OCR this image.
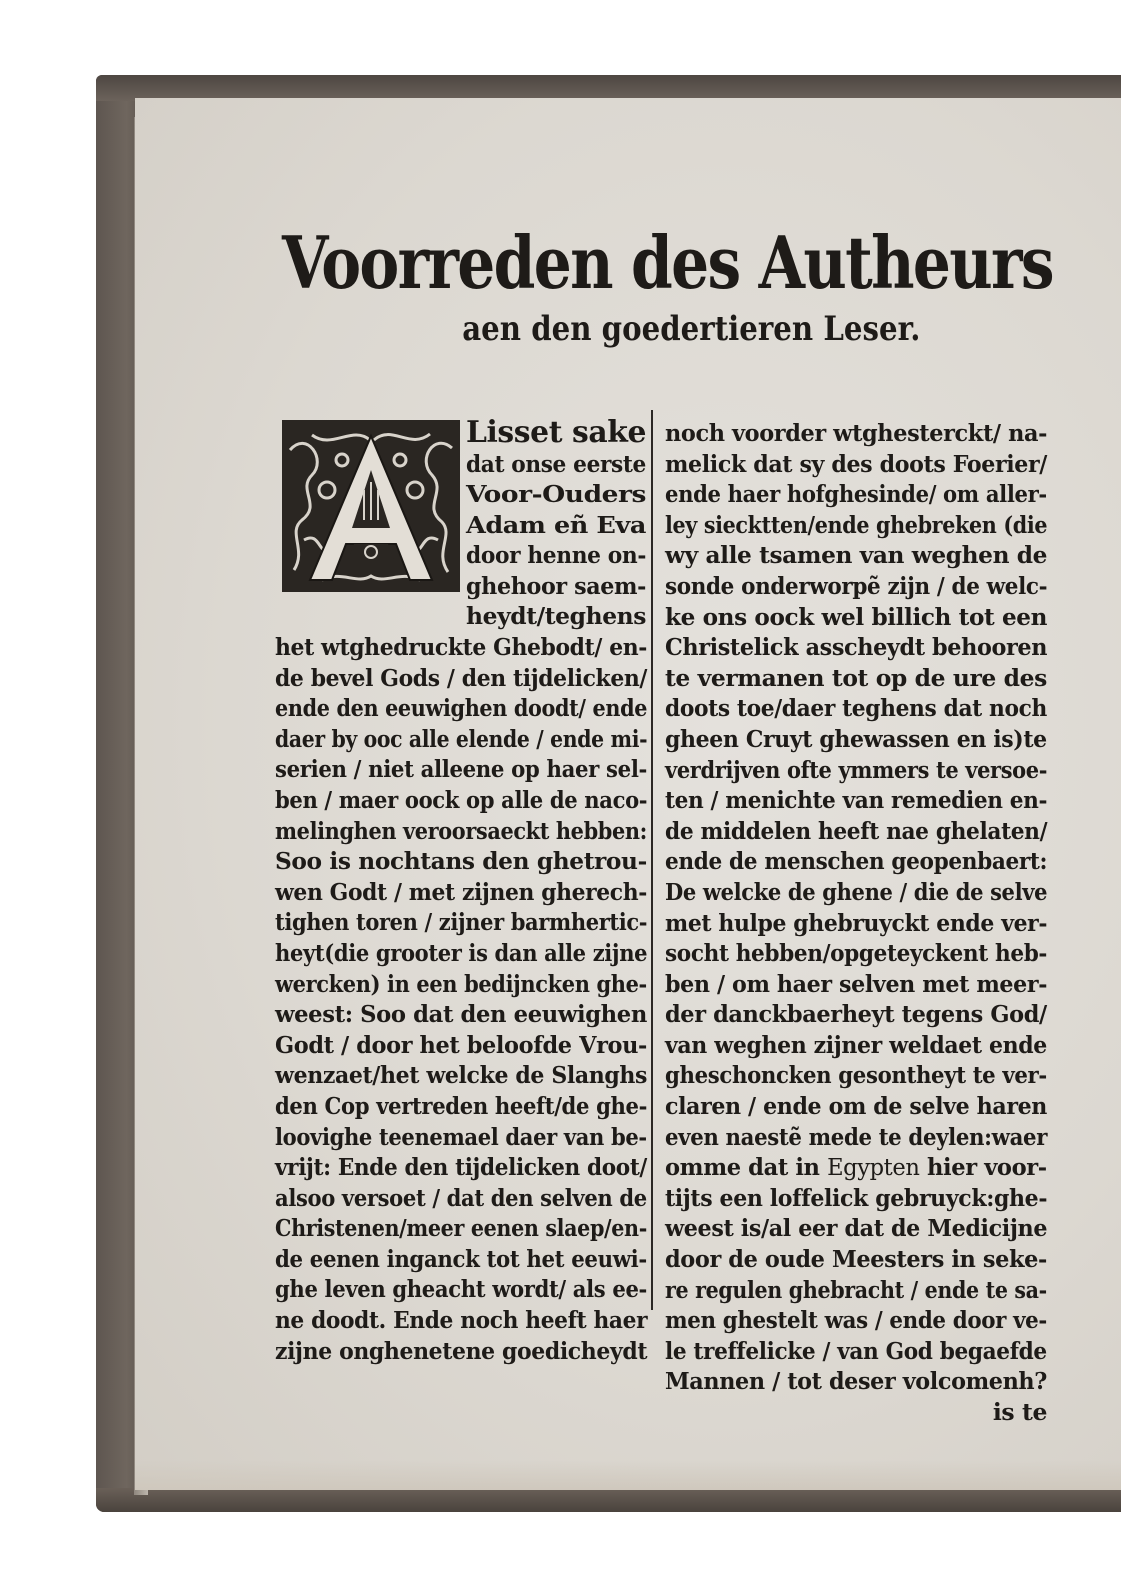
Voorreden des Autheurs
aen den goedertieren Leser.
Lisset sake
dat onse eerste
Voor-Ouders
Adam eñ Eva
door henne on-
ghehoor saem-
heydt/teghens
het wtghedruckte Ghebodt/ en-
de bevel Gods / den tijdelicken/
ende den eeuwighen doodt/ ende
daer by ooc alle elende / ende mi-
serien / niet alleene op haer sel-
ben / maer oock op alle de naco-
melinghen veroorsaeckt hebben:
Soo is nochtans den ghetrou-
wen Godt / met zijnen gherech-
tighen toren / zijner barmhertic-
heyt(die grooter is dan alle zijne
wercken) in een bedijncken ghe-
weest: Soo dat den eeuwighen
Godt / door het beloofde Vrou-
wenzaet/het welcke de Slanghs
den Cop vertreden heeft/de ghe-
loovighe teenemael daer van be-
vrijt: Ende den tijdelicken doot/
alsoo versoet / dat den selven de
Christenen/meer eenen slaep/en-
de eenen inganck tot het eeuwi-
ghe leven gheacht wordt/ als ee-
ne doodt. Ende noch heeft haer
zijne onghenetene goedicheydt
noch voorder wtghesterckt/ na-
melick dat sy des doots Foerier/
ende haer hofghesinde/ om aller-
ley siecktten/ende ghebreken (die
wy alle tsamen van weghen de
sonde onderworpẽ zijn / de welc-
ke ons oock wel billich tot een
Christelick asscheydt behooren
te vermanen tot op de ure des
doots toe/daer teghens dat noch
gheen Cruyt ghewassen en is)te
verdrijven ofte ymmers te versoe-
ten / menichte van remedien en-
de middelen heeft nae ghelaten/
ende de menschen geopenbaert:
De welcke de ghene / die de selve
met hulpe ghebruyckt ende ver-
socht hebben/opgeteyckent heb-
ben / om haer selven met meer-
der danckbaerheyt tegens God/
van weghen zijner weldaet ende
gheschoncken gesontheyt te ver-
claren / ende om de selve haren
even naestẽ mede te deylen:waer
omme dat in Egypten hier voor-
tijts een loffelick gebruyck:ghe-
weest is/al eer dat de Medicijne
door de oude Meesters in seke-
re regulen ghebracht / ende te sa-
men ghestelt was / ende door ve-
le treffelicke / van God begaefde
Mannen / tot deser volcomenh?
is te
